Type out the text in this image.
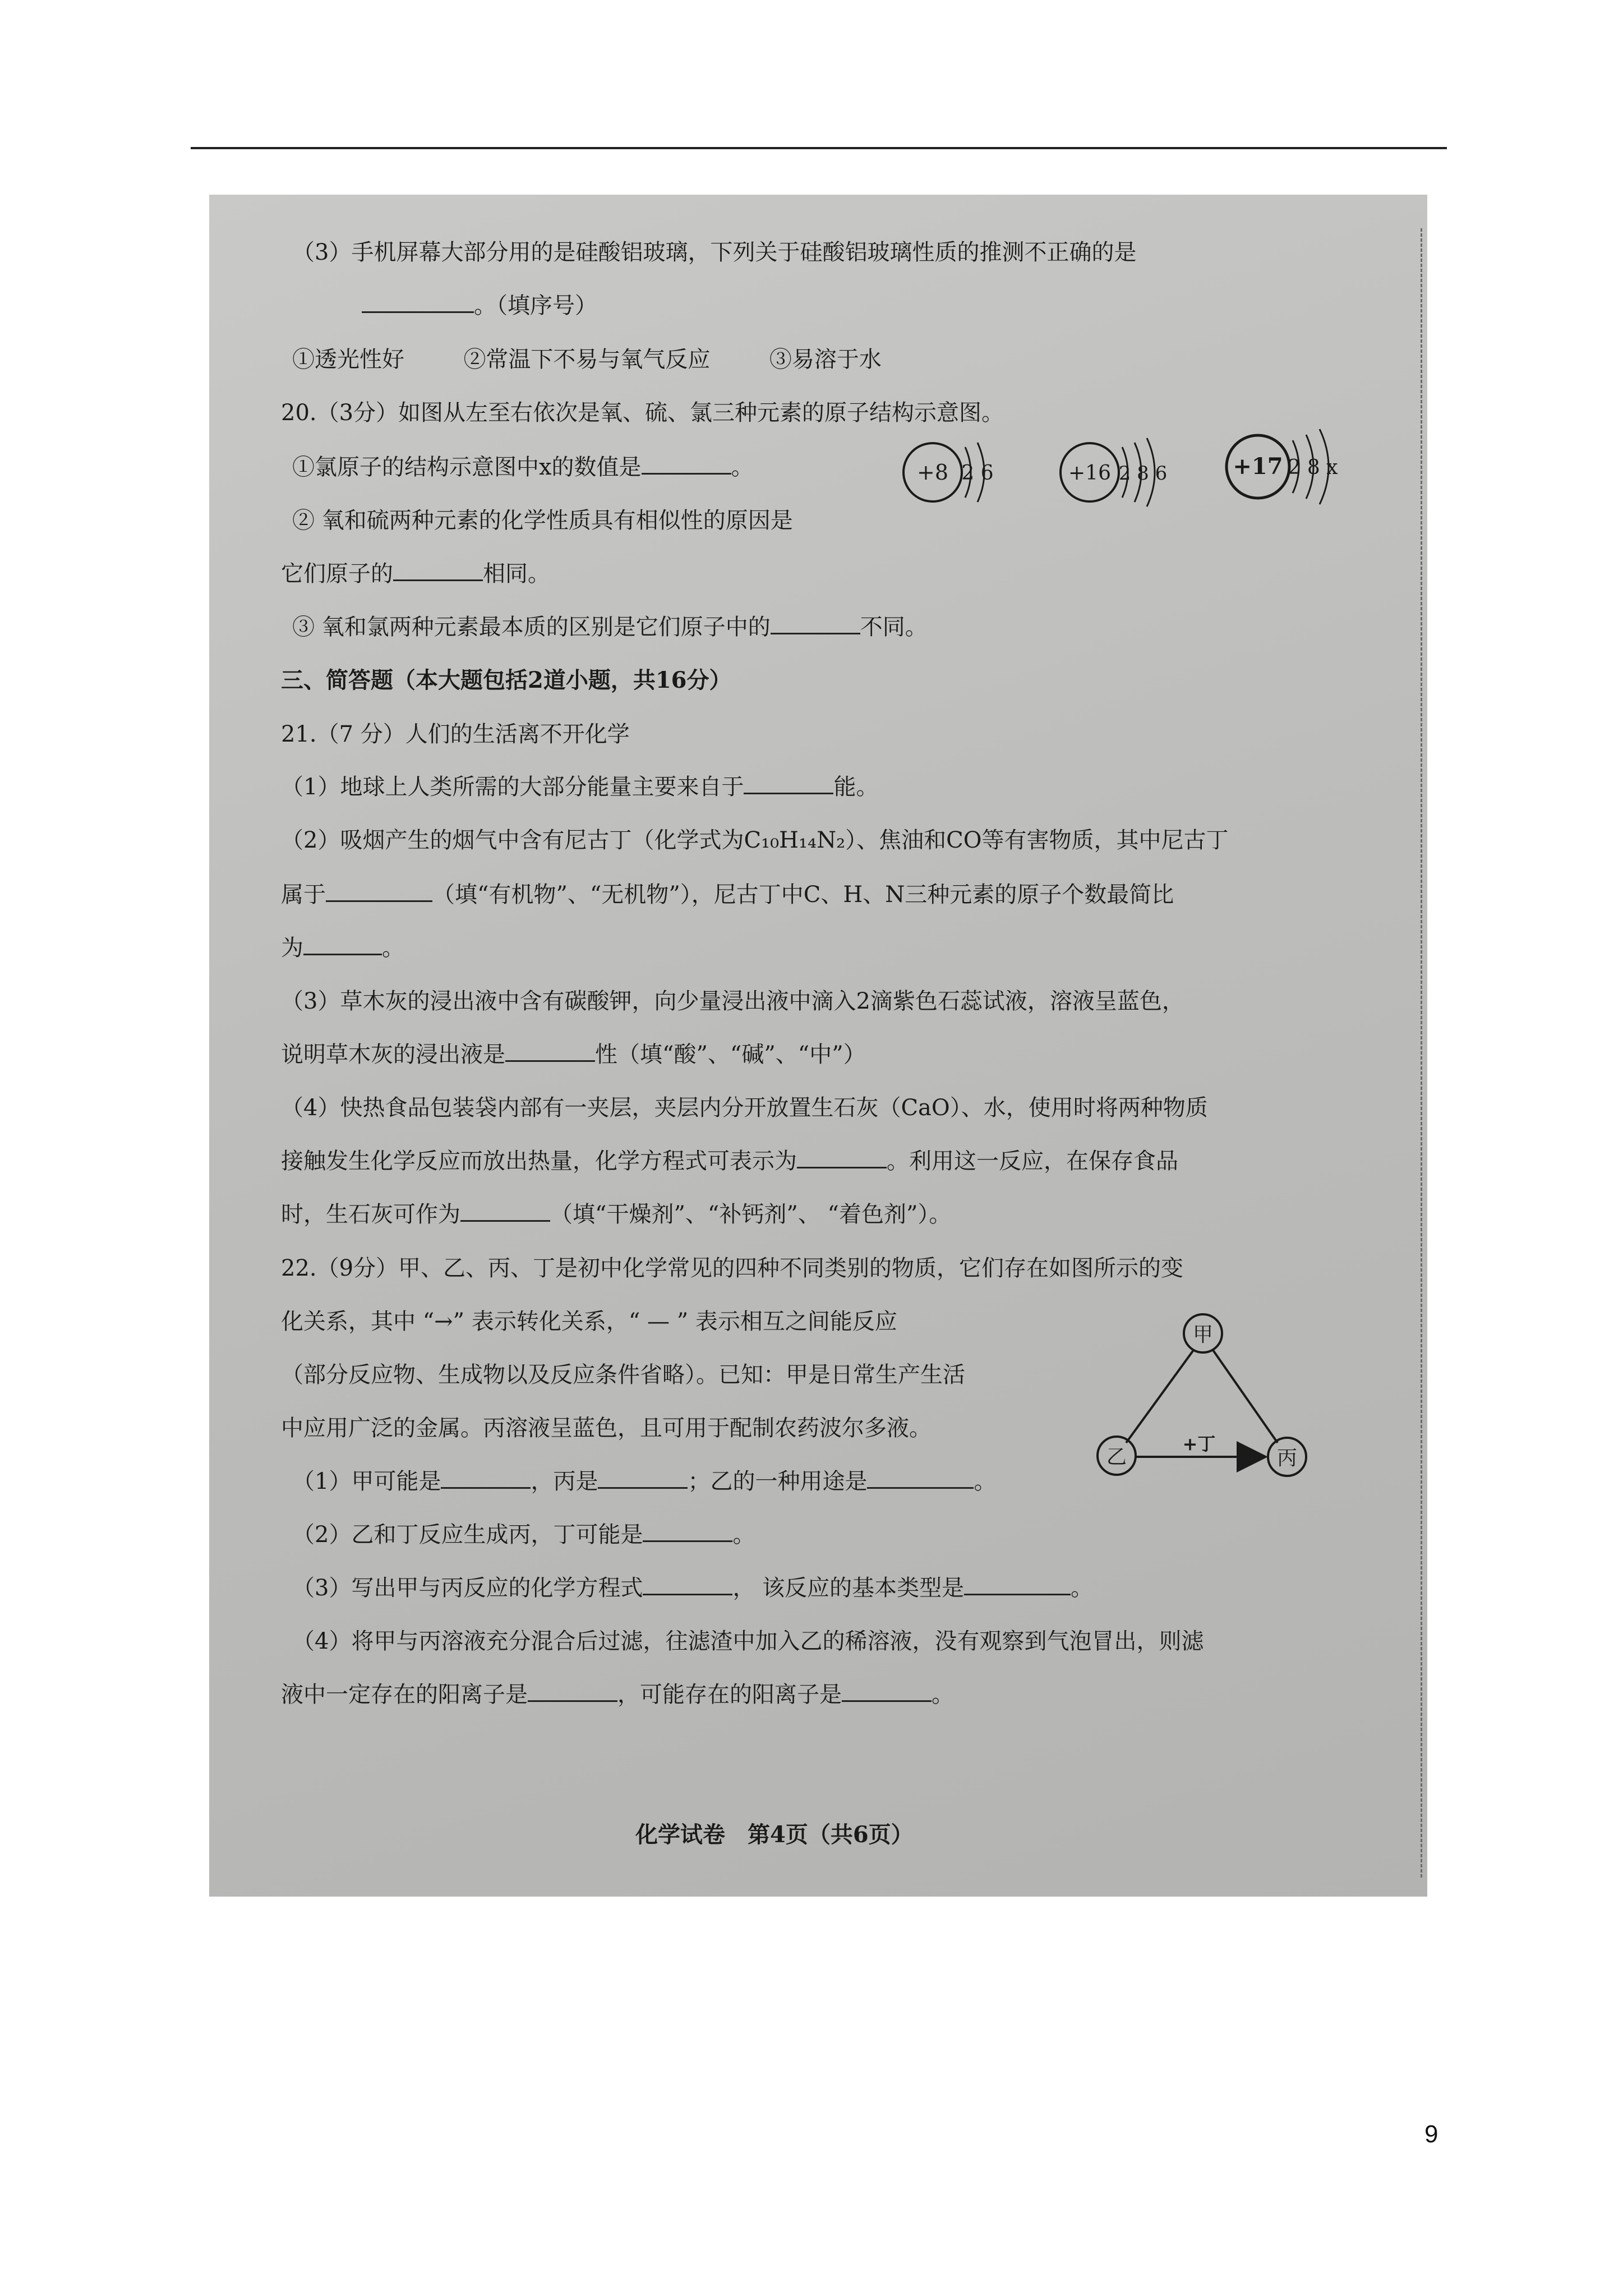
（3）手机屏幕大部分用的是硅酸铝玻璃，下列关于硅酸铝玻璃性质的推测不正确的是
。（填序号）
①透光性好	②常温下不易与氧气反应	③易溶于水
20.（3分）如图从左至右依次是氧、硫、氯三种元素的原子结构示意图。
①氯原子的结构示意图中x的数值是	。
② 氧和硫两种元素的化学性质具有相似性的原因是
它们原子的	相同。
③ 氧和氯两种元素最本质的区别是它们原子中的	不同。
+8 2 6	+16 2 8 6	+17 2 8 x
三、简答题（本大题包括2道小题，共16分）
21.（7 分）人们的生活离不开化学
（1）地球上人类所需的大部分能量主要来自于	能。
（2）吸烟产生的烟气中含有尼古丁（化学式为C₁₀H₁₄N₂）、焦油和CO等有害物质，其中尼古丁
属于	（填“有机物”、“无机物”），尼古丁中C、H、N三种元素的原子个数最简比
为	。
（3）草木灰的浸出液中含有碳酸钾，向少量浸出液中滴入2滴紫色石蕊试液，溶液呈蓝色，
说明草木灰的浸出液是	性（填“酸”、“碱”、“中”）
（4）快热食品包装袋内部有一夹层，夹层内分开放置生石灰（CaO）、水，使用时将两种物质
接触发生化学反应而放出热量，化学方程式可表示为	。利用这一反应，在保存食品
时，生石灰可作为	（填“干燥剂”、“补钙剂”、 “着色剂”）。
22.（9分）甲、乙、丙、丁是初中化学常见的四种不同类别的物质，它们存在如图所示的变
化关系，其中 “→” 表示转化关系，“ — ” 表示相互之间能反应
（部分反应物、生成物以及反应条件省略）。已知：甲是日常生产生活
中应用广泛的金属。丙溶液呈蓝色，且可用于配制农药波尔多液。
（1）甲可能是	，丙是	；乙的一种用途是	。
（2）乙和丁反应生成丙，丁可能是	。
（3）写出甲与丙反应的化学方程式	， 该反应的基本类型是	。
（4）将甲与丙溶液充分混合后过滤，往滤渣中加入乙的稀溶液，没有观察到气泡冒出，则滤
液中一定存在的阳离子是	，可能存在的阳离子是	。
甲
乙	丙
+丁
化学试卷　第4页（共6页）
9
